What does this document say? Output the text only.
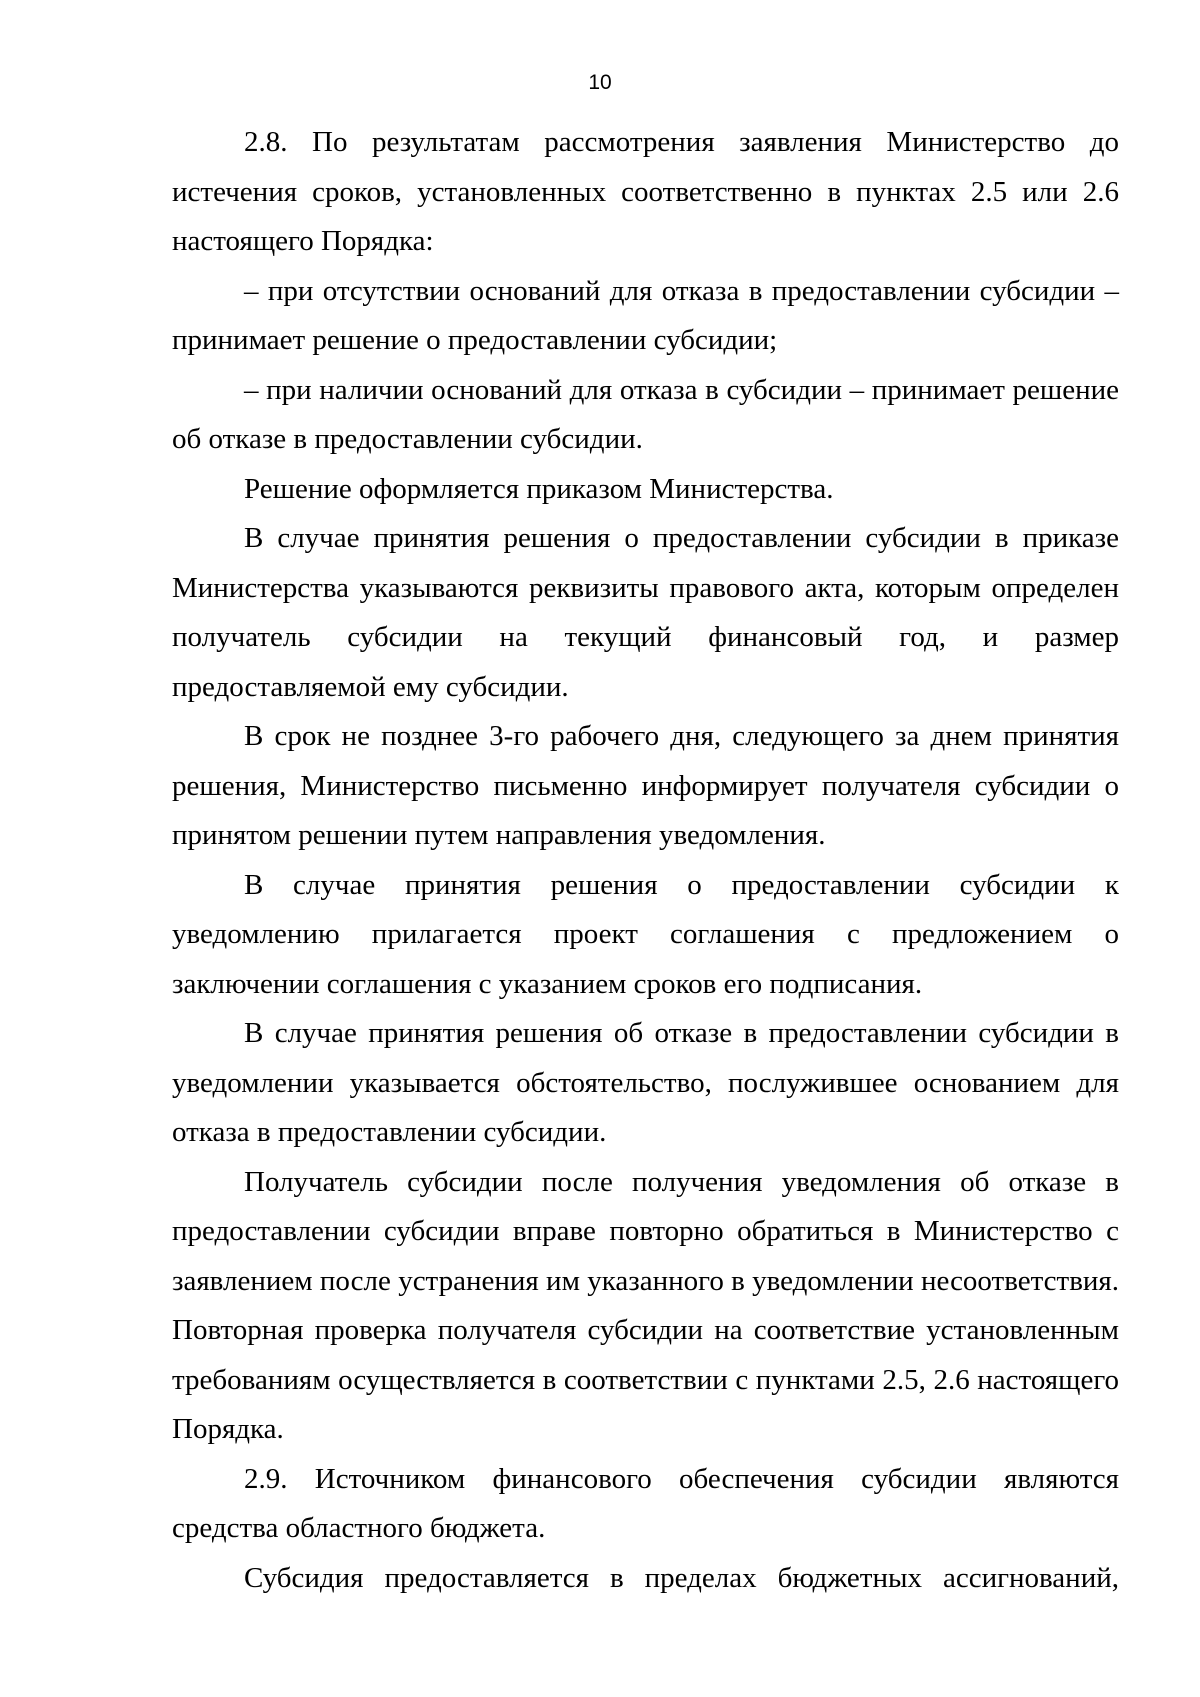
10

2.8. По результатам рассмотрения заявления Министерство до истечения сроков, установленных соответственно в пунктах 2.5 или 2.6 настоящего Порядка:

– при отсутствии оснований для отказа в предоставлении субсидии – принимает решение о предоставлении субсидии;

– при наличии оснований для отказа в субсидии – принимает решение об отказе в предоставлении субсидии.

Решение оформляется приказом Министерства.

В случае принятия решения о предоставлении субсидии в приказе Министерства указываются реквизиты правового акта, которым определен получатель субсидии на текущий финансовый год, и размер предоставляемой ему субсидии.

В срок не позднее 3-го рабочего дня, следующего за днем принятия решения, Министерство письменно информирует получателя субсидии о принятом решении путем направления уведомления.

В случае принятия решения о предоставлении субсидии к уведомлению прилагается проект соглашения с предложением о заключении соглашения с указанием сроков его подписания.

В случае принятия решения об отказе в предоставлении субсидии в уведомлении указывается обстоятельство, послужившее основанием для отказа в предоставлении субсидии.

Получатель субсидии после получения уведомления об отказе в предоставлении субсидии вправе повторно обратиться в Министерство с заявлением после устранения им указанного в уведомлении несоответствия. Повторная проверка получателя субсидии на соответствие установленным требованиям осуществляется в соответствии с пунктами 2.5, 2.6 настоящего Порядка.

2.9. Источником финансового обеспечения субсидии являются средства областного бюджета.

Субсидия предоставляется в пределах бюджетных ассигнований,
